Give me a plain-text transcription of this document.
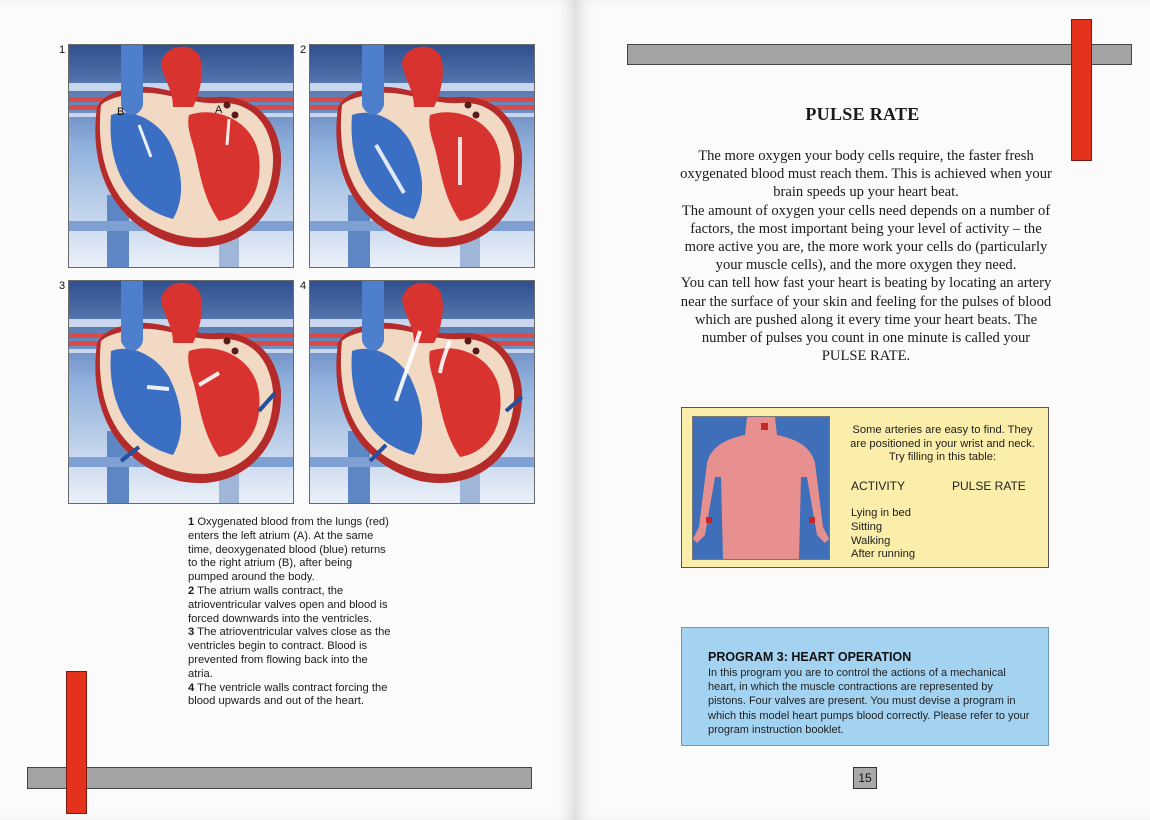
1
B	A
2
3	4

1 Oxygenated blood from the lungs (red) enters the left atrium (A). At the same time, deoxygenated blood (blue) returns to the right atrium (B), after being pumped around the body.

2 The atrium walls contract, the atrioventricular valves open and blood is forced downwards into the ventricles.

3 The atrioventricular valves close as the ventricles begin to contract. Blood is prevented from flowing back into the atria.

4 The ventricle walls contract forcing the blood upwards and out of the heart.

PULSE RATE

The more oxygen your body cells require, the faster fresh oxygenated blood must reach them. This is achieved when your brain speeds up your heart beat.

The amount of oxygen your cells need depends on a number of factors, the most important being your level of activity – the more active you are, the more work your cells do (particularly your muscle cells), and the more oxygen they need.

You can tell how fast your heart is beating by locating an artery near the surface of your skin and feeling for the pulses of blood which are pushed along it every time your heart beats. The number of pulses you count in one minute is called your PULSE RATE.

Some arteries are easy to find. They are positioned in your wrist and neck. Try filling in this table:
ACTIVITY	PULSE RATE
Lying in bed
Sitting
Walking
After running
PROGRAM 3: HEART OPERATION
In this program you are to control the actions of a mechanical heart, in which the muscle contractions are represented by pistons. Four valves are present. You must devise a program in which this model heart pumps blood correctly. Please refer to your program instruction booklet.
15
